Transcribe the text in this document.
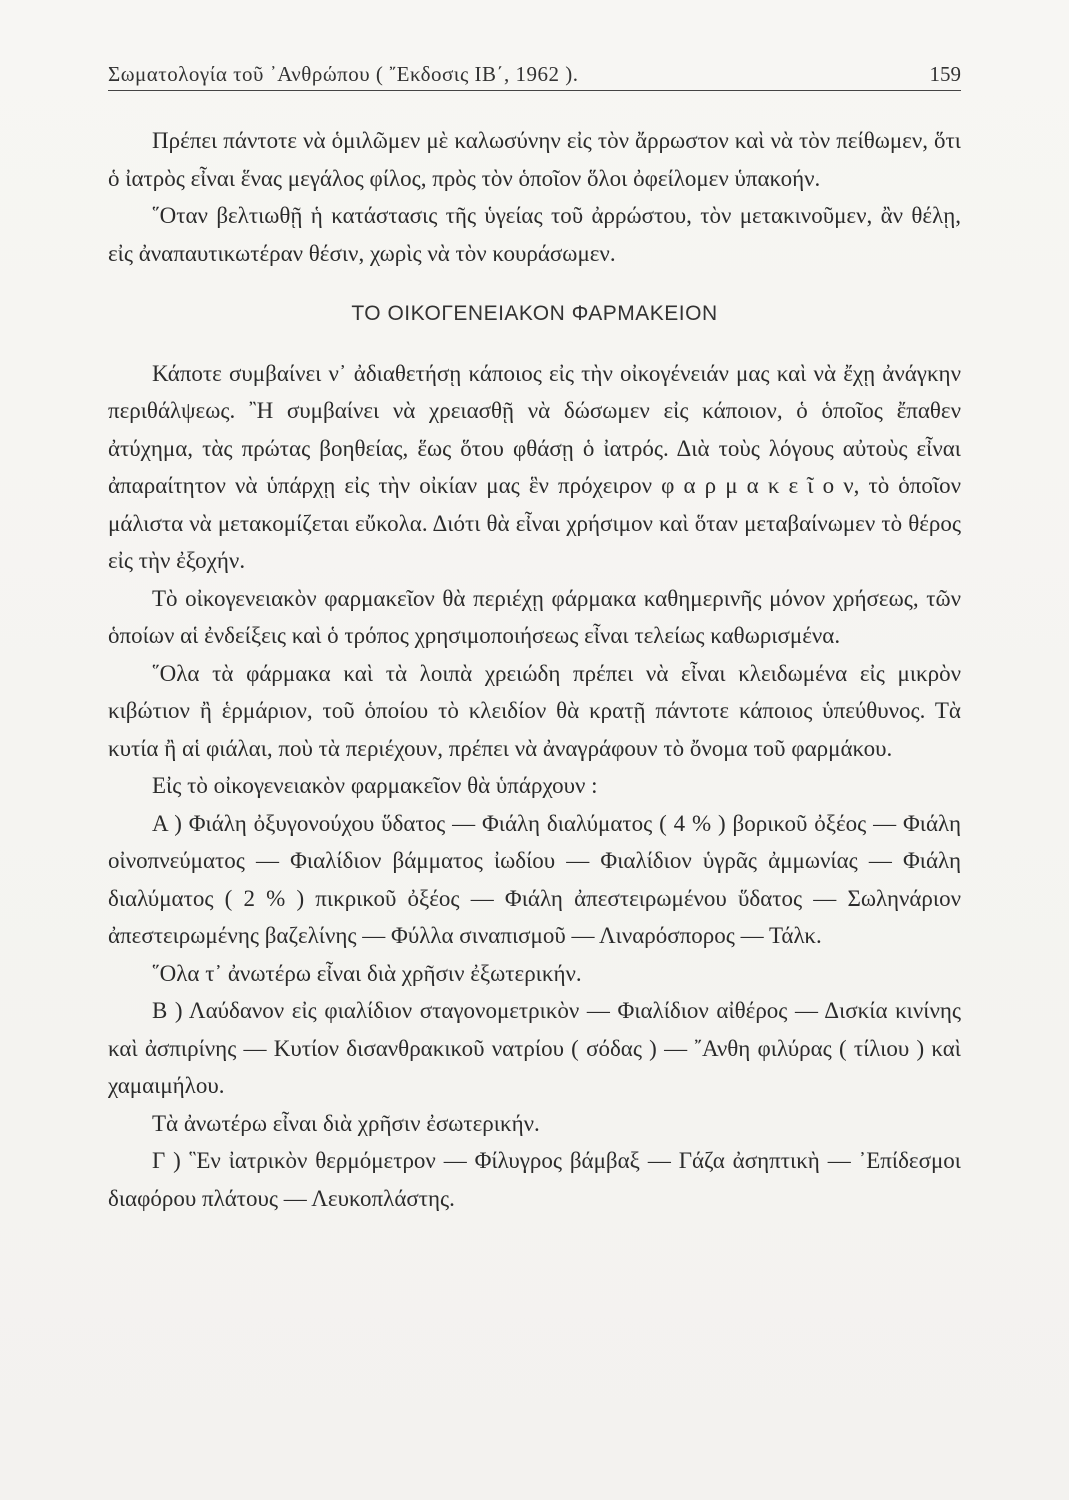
Σωματολογία τοῦ ᾿Ανθρώπου ( ῎Εκδοσις ΙΒ΄, 1962 ).	159

Πρέπει πάντοτε νὰ ὁμιλῶμεν μὲ καλωσύνην εἰς τὸν ἄρρωστον καὶ νὰ τὸν πείθωμεν, ὅτι ὁ ἰατρὸς εἶναι ἕνας μεγάλος φίλος, πρὸς τὸν ὁποῖον ὅλοι ὀφείλομεν ὑπακοήν.

῞Οταν βελτιωθῇ ἡ κατάστασις τῆς ὑγείας τοῦ ἀρρώστου, τὸν μετακινοῦμεν, ἂν θέλῃ, εἰς ἀναπαυτικωτέραν θέσιν, χωρὶς νὰ τὸν κουράσωμεν.

ΤΟ ΟΙΚΟΓΕΝΕΙΑΚΟΝ ΦΑΡΜΑΚΕΙΟΝ

Κάποτε συμβαίνει ν᾿ ἀδιαθετήσῃ κάποιος εἰς τὴν οἰκογένειάν μας καὶ νὰ ἔχῃ ἀνάγκην περιθάλψεως. ῍Η συμβαίνει νὰ χρειασθῇ νὰ δώσωμεν εἰς κάποιον, ὁ ὁποῖος ἔπαθεν ἀτύχημα, τὰς πρώτας βοηθείας, ἕως ὅτου φθάσῃ ὁ ἰατρός. Διὰ τοὺς λόγους αὐτοὺς εἶναι ἀπαραίτητον νὰ ὑπάρχῃ εἰς τὴν οἰκίαν μας ἓν πρόχειρον φ α ρ μ α κ ε ῖ ο ν, τὸ ὁποῖον μάλιστα νὰ μετακομίζεται εὔκολα. Διότι θὰ εἶναι χρήσιμον καὶ ὅταν μεταβαίνωμεν τὸ θέρος εἰς τὴν ἐξοχήν.

Τὸ οἰκογενειακὸν φαρμακεῖον θὰ περιέχῃ φάρμακα καθημερινῆς μόνον χρήσεως, τῶν ὁποίων αἱ ἐνδείξεις καὶ ὁ τρόπος χρησιμοποιήσεως εἶναι τελείως καθωρισμένα.

῞Ολα τὰ φάρμακα καὶ τὰ λοιπὰ χρειώδη πρέπει νὰ εἶναι κλειδωμένα εἰς μικρὸν κιβώτιον ἢ ἑρμάριον, τοῦ ὁποίου τὸ κλειδίον θὰ κρατῇ πάντοτε κάποιος ὑπεύθυνος. Τὰ κυτία ἢ αἱ φιάλαι, ποὺ τὰ περιέχουν, πρέπει νὰ ἀναγράφουν τὸ ὄνομα τοῦ φαρμάκου.

Εἰς τὸ οἰκογενειακὸν φαρμακεῖον θὰ ὑπάρχουν :

Α ) Φιάλη ὀξυγονούχου ὕδατος — Φιάλη διαλύματος ( 4 % ) βορικοῦ ὀξέος — Φιάλη οἰνοπνεύματος — Φιαλίδιον βάμματος ἰωδίου — Φιαλίδιον ὑγρᾶς ἀμμωνίας — Φιάλη διαλύματος ( 2 % ) πικρικοῦ ὀξέος — Φιάλη ἀπεστειρωμένου ὕδατος — Σωληνάριον ἀπεστειρωμένης βαζελίνης — Φύλλα σιναπισμοῦ — Λιναρόσπορος — Τάλκ.

῞Ολα τ᾿ ἀνωτέρω εἶναι διὰ χρῆσιν ἐξωτερικήν.

Β ) Λαύδανον εἰς φιαλίδιον σταγονομετρικὸν — Φιαλίδιον αἰθέρος — Δισκία κινίνης καὶ ἀσπιρίνης — Κυτίον δισανθρακικοῦ νατρίου ( σόδας ) — ῎Ανθη φιλύρας ( τίλιου ) καὶ χαμαιμήλου.

Τὰ ἀνωτέρω εἶναι διὰ χρῆσιν ἐσωτερικήν.

Γ ) ῝Εν ἰατρικὸν θερμόμετρον — Φίλυγρος βάμβαξ — Γάζα ἀσηπτικὴ — ᾿Επίδεσμοι διαφόρου πλάτους — Λευκοπλάστης.
